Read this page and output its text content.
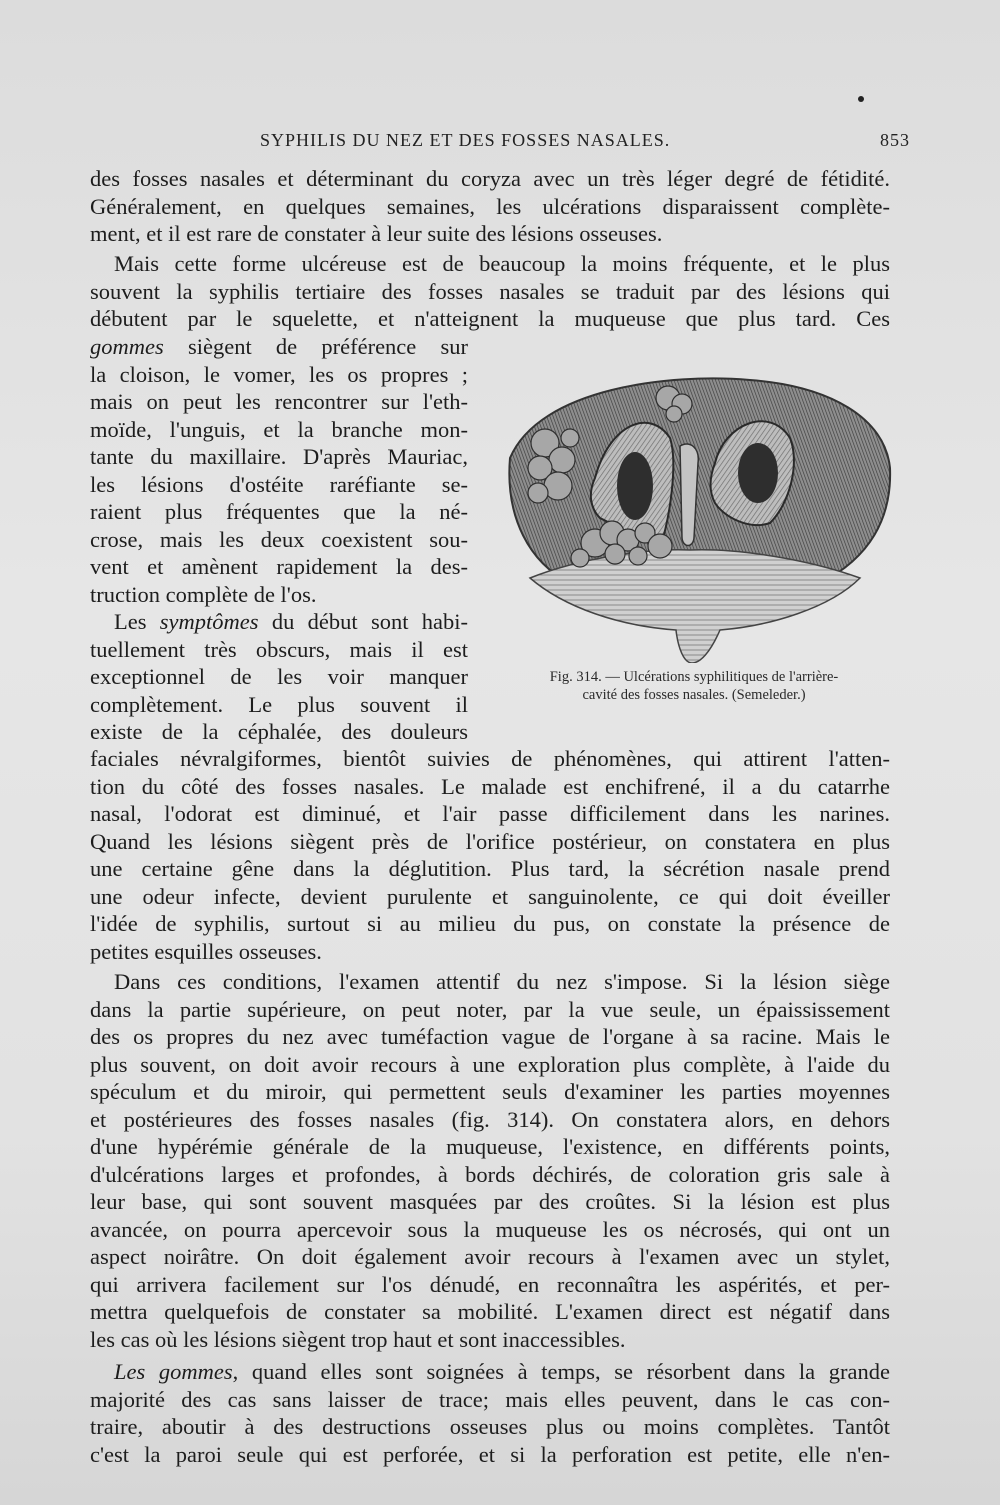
SYPHILIS DU NEZ ET DES FOSSES NASALES.	853
des fosses nasales et déterminant du coryza avec un très léger degré de fétidité.
Généralement, en quelques semaines, les ulcérations disparaissent complète-
ment, et il est rare de constater à leur suite des lésions osseuses.
Mais cette forme ulcéreuse est de beaucoup la moins fréquente, et le plus
souvent la syphilis tertiaire des fosses nasales se traduit par des lésions qui
débutent par le squelette, et n'atteignent la muqueuse que plus tard. Ces
gommes siègent de préférence sur
la cloison, le vomer, les os propres ;
mais on peut les rencontrer sur l'eth-
moïde, l'unguis, et la branche mon-
tante du maxillaire. D'après Mauriac,
les lésions d'ostéite raréfiante se-
raient plus fréquentes que la né-
crose, mais les deux coexistent sou-
vent et amènent rapidement la des-
truction complète de l'os.
Les symptômes du début sont habi-
tuellement très obscurs, mais il est
exceptionnel de les voir manquer
complètement. Le plus souvent il
existe de la céphalée, des douleurs
faciales névralgiformes, bientôt suivies de phénomènes, qui attirent l'atten-
tion du côté des fosses nasales. Le malade est enchifrené, il a du catarrhe
nasal, l'odorat est diminué, et l'air passe difficilement dans les narines.
Quand les lésions siègent près de l'orifice postérieur, on constatera en plus
une certaine gêne dans la déglutition. Plus tard, la sécrétion nasale prend
une odeur infecte, devient purulente et sanguinolente, ce qui doit éveiller
l'idée de syphilis, surtout si au milieu du pus, on constate la présence de
petites esquilles osseuses.
Dans ces conditions, l'examen attentif du nez s'impose. Si la lésion siège
dans la partie supérieure, on peut noter, par la vue seule, un épaississement
des os propres du nez avec tuméfaction vague de l'organe à sa racine. Mais le
plus souvent, on doit avoir recours à une exploration plus complète, à l'aide du
spéculum et du miroir, qui permettent seuls d'examiner les parties moyennes
et postérieures des fosses nasales (fig. 314). On constatera alors, en dehors
d'une hypérémie générale de la muqueuse, l'existence, en différents points,
d'ulcérations larges et profondes, à bords déchirés, de coloration gris sale à
leur base, qui sont souvent masquées par des croûtes. Si la lésion est plus
avancée, on pourra apercevoir sous la muqueuse les os nécrosés, qui ont un
aspect noirâtre. On doit également avoir recours à l'examen avec un stylet,
qui arrivera facilement sur l'os dénudé, en reconnaîtra les aspérités, et per-
mettra quelquefois de constater sa mobilité. L'examen direct est négatif dans
les cas où les lésions siègent trop haut et sont inaccessibles.
Les gommes, quand elles sont soignées à temps, se résorbent dans la grande
majorité des cas sans laisser de trace; mais elles peuvent, dans le cas con-
traire, aboutir à des destructions osseuses plus ou moins complètes. Tantôt
c'est la paroi seule qui est perforée, et si la perforation est petite, elle n'en-
Fig. 314. — Ulcérations syphilitiques de l'arrière-
cavité des fosses nasales. (Semeleder.)
